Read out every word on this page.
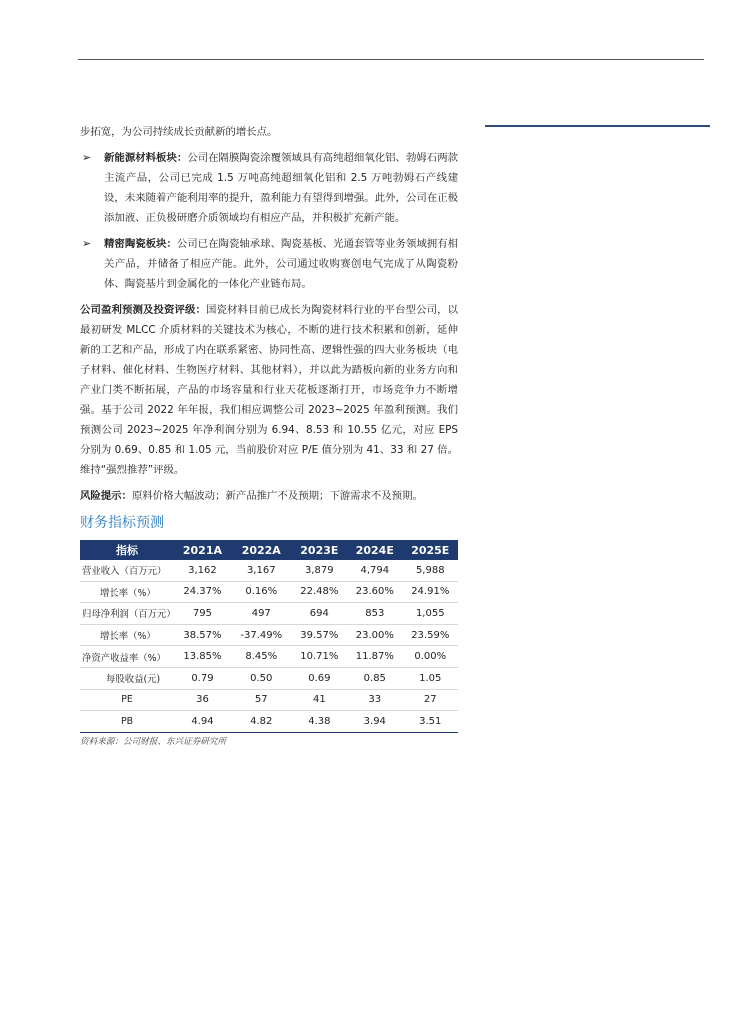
步拓宽，为公司持续成长贡献新的增长点。

➢ 新能源材料板块：公司在隔膜陶瓷涂覆领域具有高纯超细氧化铝、勃姆石两款主流产品，公司已完成 1.5 万吨高纯超细氧化铝和 2.5 万吨勃姆石产线建设，未来随着产能利用率的提升，盈利能力有望得到增强。此外，公司在正极添加液、正负极研磨介质领域均有相应产品，并积极扩充新产能。
➢ 精密陶瓷板块：公司已在陶瓷轴承球、陶瓷基板、光通套管等业务领域拥有相关产品，并储备了相应产能。此外，公司通过收购赛创电气完成了从陶瓷粉体、陶瓷基片到金属化的一体化产业链布局。

公司盈利预测及投资评级：国瓷材料目前已成长为陶瓷材料行业的平台型公司，以最初研发 MLCC 介质材料的关键技术为核心，不断的进行技术积累和创新，延伸新的工艺和产品，形成了内在联系紧密、协同性高、逻辑性强的四大业务板块（电子材料、催化材料、生物医疗材料、其他材料），并以此为踏板向新的业务方向和产业门类不断拓展，产品的市场容量和行业天花板逐渐打开，市场竞争力不断增强。基于公司 2022 年年报，我们相应调整公司 2023~2025 年盈利预测。我们预测公司 2023~2025 年净利润分别为 6.94、8.53 和 10.55 亿元，对应 EPS 分别为 0.69、0.85 和 1.05 元，当前股价对应 P/E 值分别为 41、33 和 27 倍。维持“强烈推荐”评级。

风险提示：原料价格大幅波动；新产品推广不及预期；下游需求不及预期。

财务指标预测
指标	2021A	2022A	2023E	2024E	2025E
营业收入（百万元）	3,162	3,167	3,879	4,794	5,988
增长率（%）	24.37%	0.16%	22.48%	23.60%	24.91%
归母净利润（百万元）	795	497	694	853	1,055
增长率（%）	38.57%	-37.49%	39.57%	23.00%	23.59%
净资产收益率（%）	13.85%	8.45%	10.71%	11.87%	0.00%
每股收益(元)	0.79	0.50	0.69	0.85	1.05
PE	36	57	41	33	27
PB	4.94	4.82	4.38	3.94	3.51
资料来源：公司财报、东兴证券研究所
